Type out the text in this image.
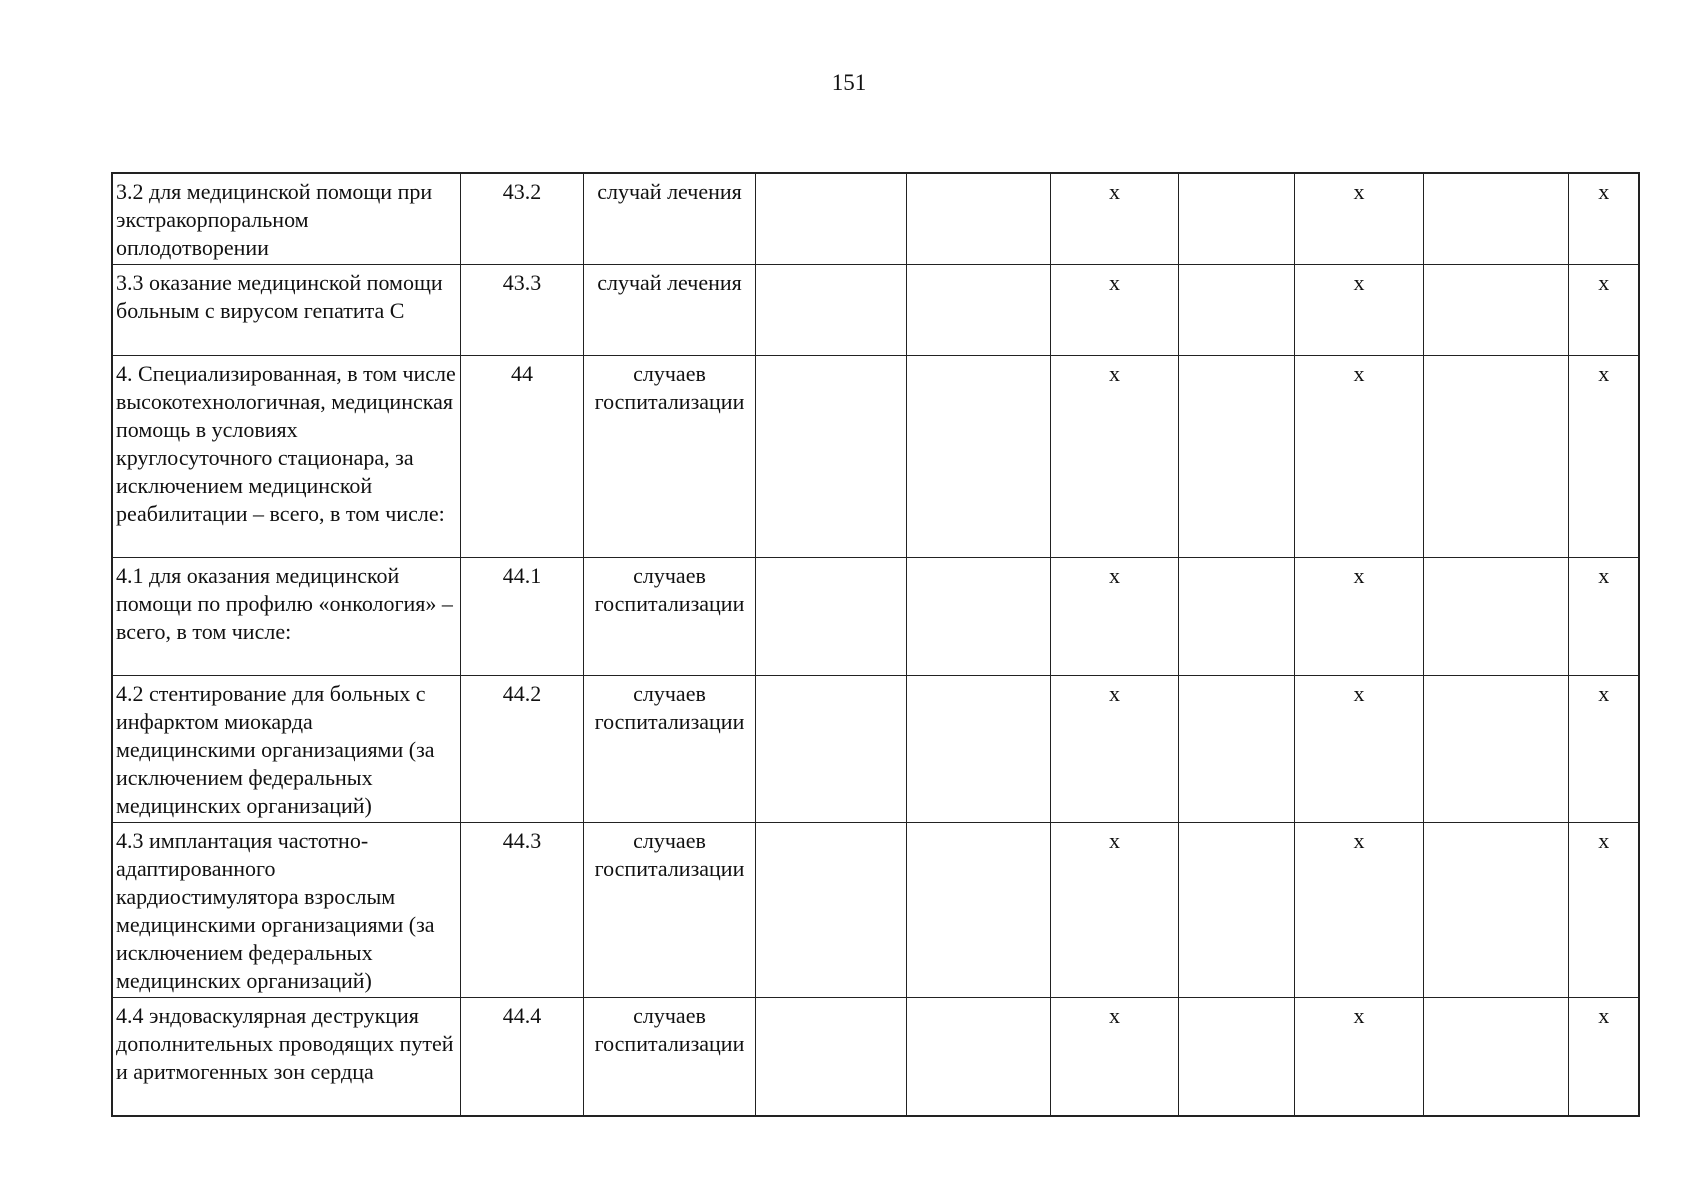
151
3.2 для медицинской помощи при экстракорпоральном оплодотворении	43.2	случай лечения			х		х		х
3.3 оказание медицинской помощи больным с вирусом гепатита С	43.3	случай лечения			х		х		х
4. Специализированная, в том числе высокотехнологичная, медицинская помощь в условиях круглосуточного стационара, за исключением медицинской реабилитации – всего, в том числе:	44	случаев госпитализации			х		х		х
4.1 для оказания медицинской помощи по профилю «онкология» – всего, в том числе:	44.1	случаев госпитализации			х		х		х
4.2 стентирование для больных с инфарктом миокарда медицинскими организациями (за исключением федеральных медицинских организаций)	44.2	случаев госпитализации			х		х		х
4.3 имплантация частотно-адаптированного кардиостимулятора взрослым медицинскими организациями (за исключением федеральных медицинских организаций)	44.3	случаев госпитализации			х		х		х
4.4 эндоваскулярная деструкция дополнительных проводящих путей и аритмогенных зон сердца	44.4	случаев госпитализации			х		х		х
